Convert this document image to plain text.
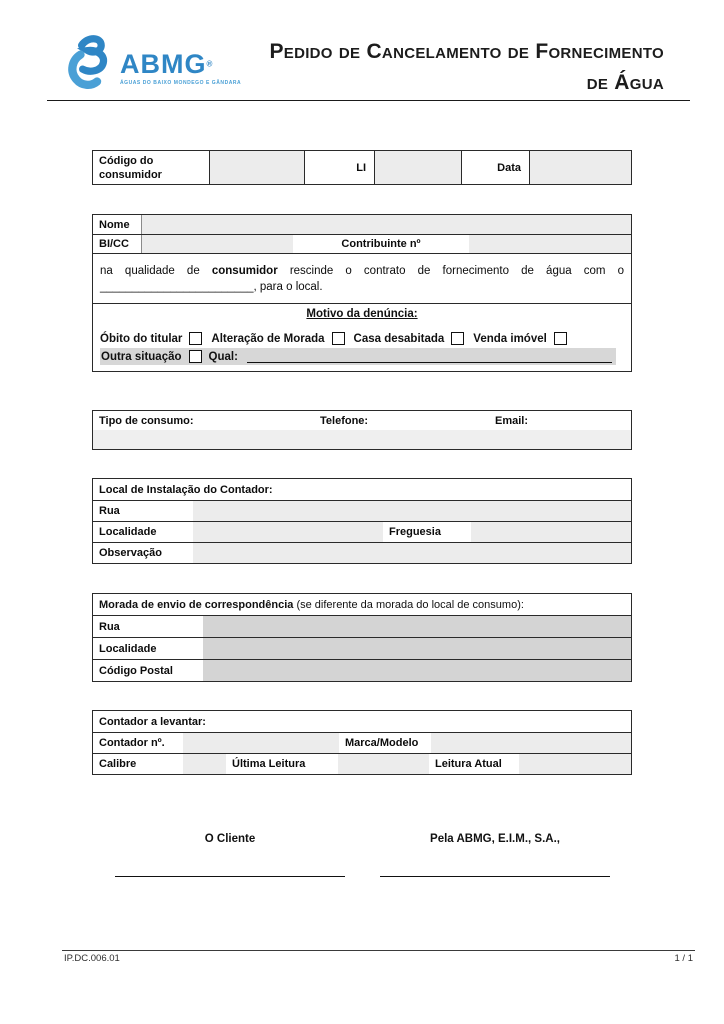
ABMG®
ÁGUAS DO BAIXO MONDEGO E GÂNDARA
Pedido de Cancelamento de Fornecimento
de Água
Código do consumidor
LI	Data
Nome
BI/CC	Contribuinte nº

na qualidade de consumidor rescinde o contrato de fornecimento de água com o ________________________, para o local.

Motivo da denúncia:
Óbito do titular	Alteração de Morada	Casa desabitada	Venda imóvel
Outra situação Qual:
Tipo de consumo:	Telefone:	Email:
Local de Instalação do Contador:
Rua
Localidade	Freguesia
Observação
Morada de envio de correspondência
(se diferente da morada do local de consumo):
Rua
Localidade
Código Postal
Contador a levantar:
Contador nº.	Marca/Modelo
Calibre	Última Leitura	Leitura Atual
O Cliente	Pela ABMG, E.I.M., S.A.,
IP.DC.006.01	1 / 1
